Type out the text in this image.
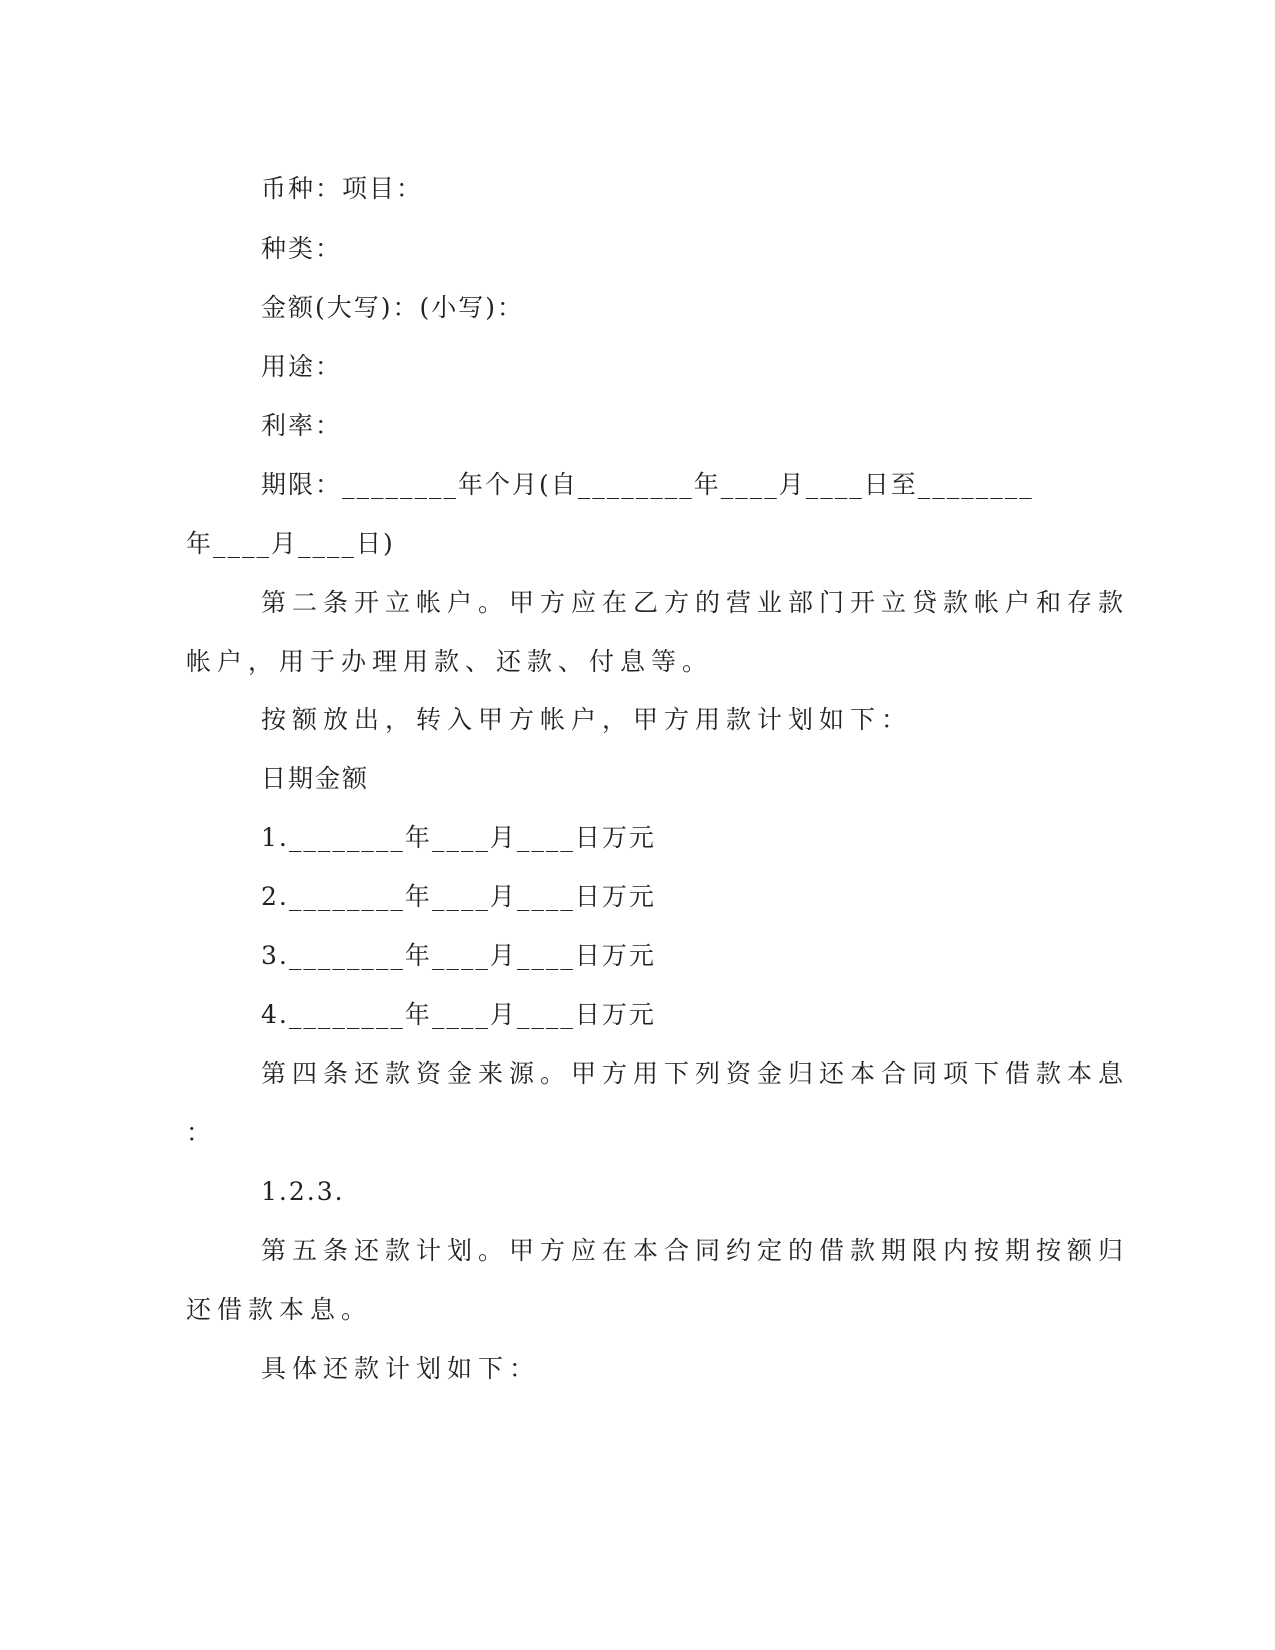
币种：项目：
种类：
金额(大写)：(小写)：
用途：
利率：
期限：________年个月(自________年____月____日至________
年____月____日)
第二条开立帐户。甲方应在乙方的营业部门开立贷款帐户和存款
帐户，用于办理用款、还款、付息等。
按额放出，转入甲方帐户，甲方用款计划如下：
日期金额
1.________年____月____日万元
2.________年____月____日万元
3.________年____月____日万元
4.________年____月____日万元
第四条还款资金来源。甲方用下列资金归还本合同项下借款本息
：
1.2.3.
第五条还款计划。甲方应在本合同约定的借款期限内按期按额归
还借款本息。
具体还款计划如下：
